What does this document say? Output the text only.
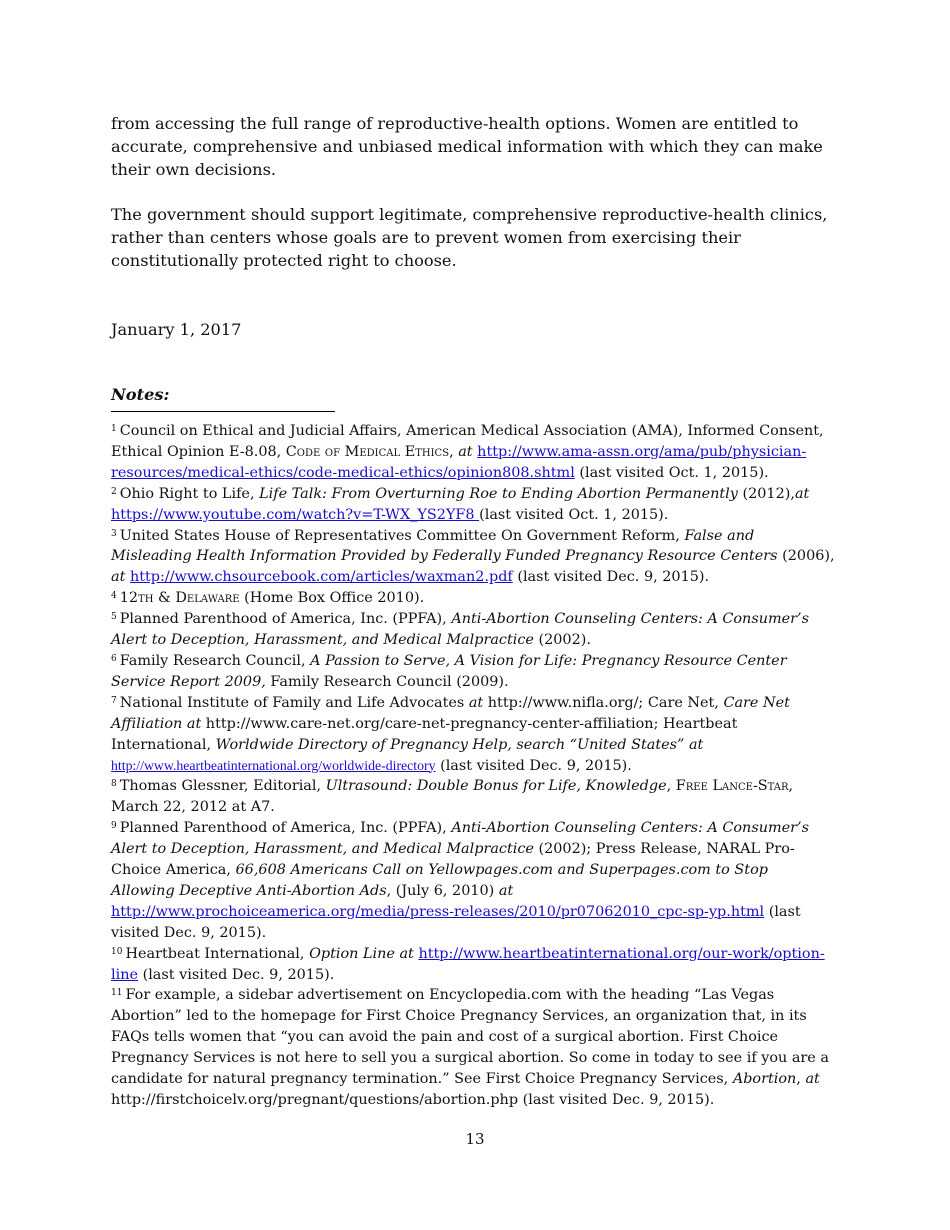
from accessing the full range of reproductive-health options. Women are entitled to accurate, comprehensive and unbiased medical information with which they can make their own decisions.

The government should support legitimate, comprehensive reproductive-health clinics, rather than centers whose goals are to prevent women from exercising their constitutionally protected right to choose.

January 1, 2017
Notes:

$^1$ Council on Ethical and Judicial Affairs, American Medical Association (AMA), Informed Consent, Ethical Opinion E-8.08, Code of Medical Ethics, at http://www.ama-assn.org/ama/pub/physician-resources/medical-ethics/code-medical-ethics/opinion808.shtml (last visited Oct. 1, 2015).

$^2$ Ohio Right to Life, Life Talk: From Overturning Roe to Ending Abortion Permanently (2012),at https://www.youtube.com/watch?v=T-WX_YS2YF8 (last visited Oct. 1, 2015).

$^3$ United States House of Representatives Committee On Government Reform, False and Misleading Health Information Provided by Federally Funded Pregnancy Resource Centers (2006), at http://www.chsourcebook.com/articles/waxman2.pdf (last visited Dec. 9, 2015).

$^4$ 12th & Delaware (Home Box Office 2010).

$^5$ Planned Parenthood of America, Inc. (PPFA), Anti-Abortion Counseling Centers: A Consumer’s Alert to Deception, Harassment, and Medical Malpractice (2002).

$^6$ Family Research Council, A Passion to Serve, A Vision for Life: Pregnancy Resource Center Service Report 2009, Family Research Council (2009).

$^7$ National Institute of Family and Life Advocates at http://www.nifla.org/; Care Net, Care Net Affiliation at http://www.care-net.org/care-net-pregnancy-center-affiliation; Heartbeat International, Worldwide Directory of Pregnancy Help, search “United States” at http://www.heartbeatinternational.org/worldwide-directory (last visited Dec. 9, 2015).

$^8$ Thomas Glessner, Editorial, Ultrasound: Double Bonus for Life, Knowledge, Free Lance-Star, March 22, 2012 at A7.

$^9$ Planned Parenthood of America, Inc. (PPFA), Anti-Abortion Counseling Centers: A Consumer’s Alert to Deception, Harassment, and Medical Malpractice (2002); Press Release, NARAL Pro-Choice America, 66,608 Americans Call on Yellowpages.com and Superpages.com to Stop Allowing Deceptive Anti-Abortion Ads, (July 6, 2010) at http://www.prochoiceamerica.org/media/press-releases/2010/pr07062010_cpc-sp-yp.html (last visited Dec. 9, 2015).

$^{10}$ Heartbeat International, Option Line at http://www.heartbeatinternational.org/our-work/option-line (last visited Dec. 9, 2015).

$^{11}$ For example, a sidebar advertisement on Encyclopedia.com with the heading “Las Vegas Abortion” led to the homepage for First Choice Pregnancy Services, an organization that, in its FAQs tells women that “you can avoid the pain and cost of a surgical abortion. First Choice Pregnancy Services is not here to sell you a surgical abortion. So come in today to see if you are a candidate for natural pregnancy termination.” See First Choice Pregnancy Services, Abortion, at http://firstchoicelv.org/pregnant/questions/abortion.php (last visited Dec. 9, 2015).

13
